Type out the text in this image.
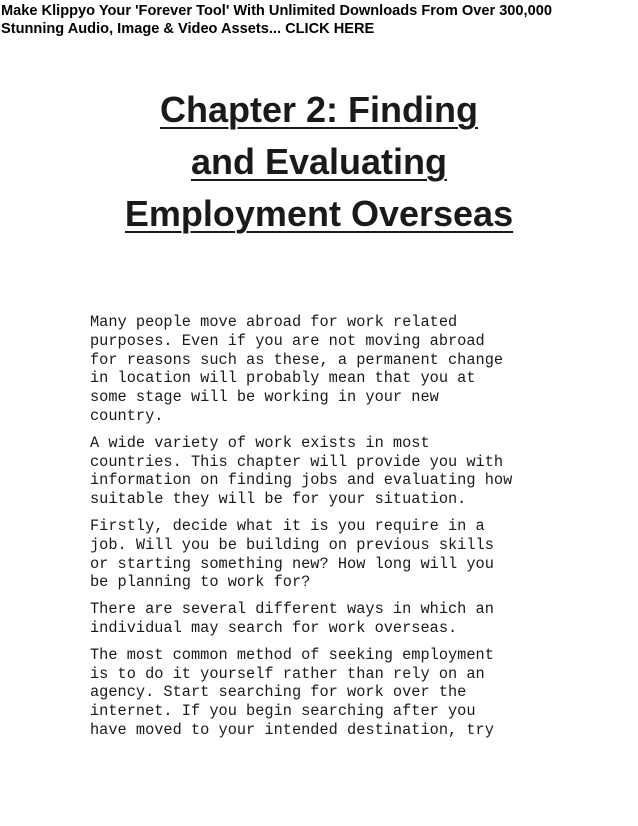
Make Klippyo Your 'Forever Tool' With Unlimited Downloads From Over 300,000
Stunning Audio, Image & Video Assets... CLICK HERE
Chapter 2: Finding
and Evaluating
Employment Overseas

Many people move abroad for work related
purposes. Even if you are not moving abroad
for reasons such as these, a permanent change
in location will probably mean that you at
some stage will be working in your new
country.

A wide variety of work exists in most
countries. This chapter will provide you with
information on finding jobs and evaluating how
suitable they will be for your situation.

Firstly, decide what it is you require in a
job. Will you be building on previous skills
or starting something new? How long will you
be planning to work for?

There are several different ways in which an
individual may search for work overseas.

The most common method of seeking employment
is to do it yourself rather than rely on an
agency. Start searching for work over the
internet. If you begin searching after you
have moved to your intended destination, try
